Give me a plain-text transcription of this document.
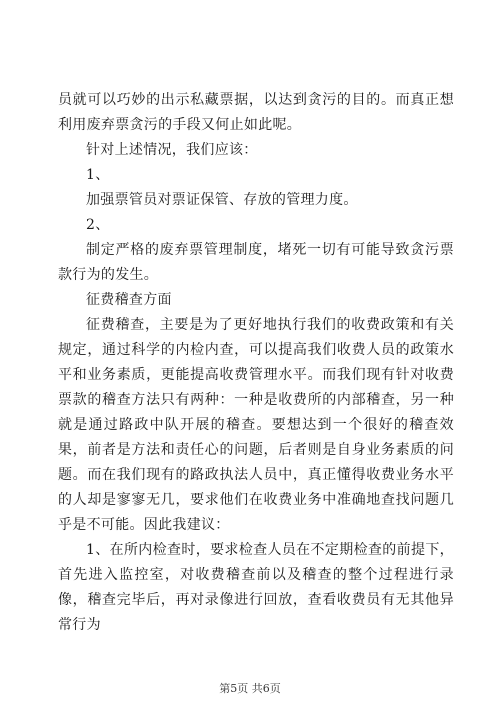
员就可以巧妙的出示私藏票据，以达到贪污的目的。而真正想利用废弃票贪污的手段又何止如此呢。

针对上述情况，我们应该：

1、

加强票管员对票证保管、存放的管理力度。

2、

制定严格的废弃票管理制度，堵死一切有可能导致贪污票款行为的发生。

征费稽查方面

征费稽查，主要是为了更好地执行我们的收费政策和有关规定，通过科学的内检内查，可以提高我们收费人员的政策水平和业务素质，更能提高收费管理水平。而我们现有针对收费票款的稽查方法只有两种：一种是收费所的内部稽查，另一种就是通过路政中队开展的稽查。要想达到一个很好的稽查效果，前者是方法和责任心的问题，后者则是自身业务素质的问题。而在我们现有的路政执法人员中，真正懂得收费业务水平的人却是寥寥无几，要求他们在收费业务中准确地查找问题几乎是不可能。因此我建议：

1、在所内检查时，要求检查人员在不定期检查的前提下，首先进入监控室，对收费稽查前以及稽查的整个过程进行录像，稽查完毕后，再对录像进行回放，查看收费员有无其他异常行为

第5页 共6页
